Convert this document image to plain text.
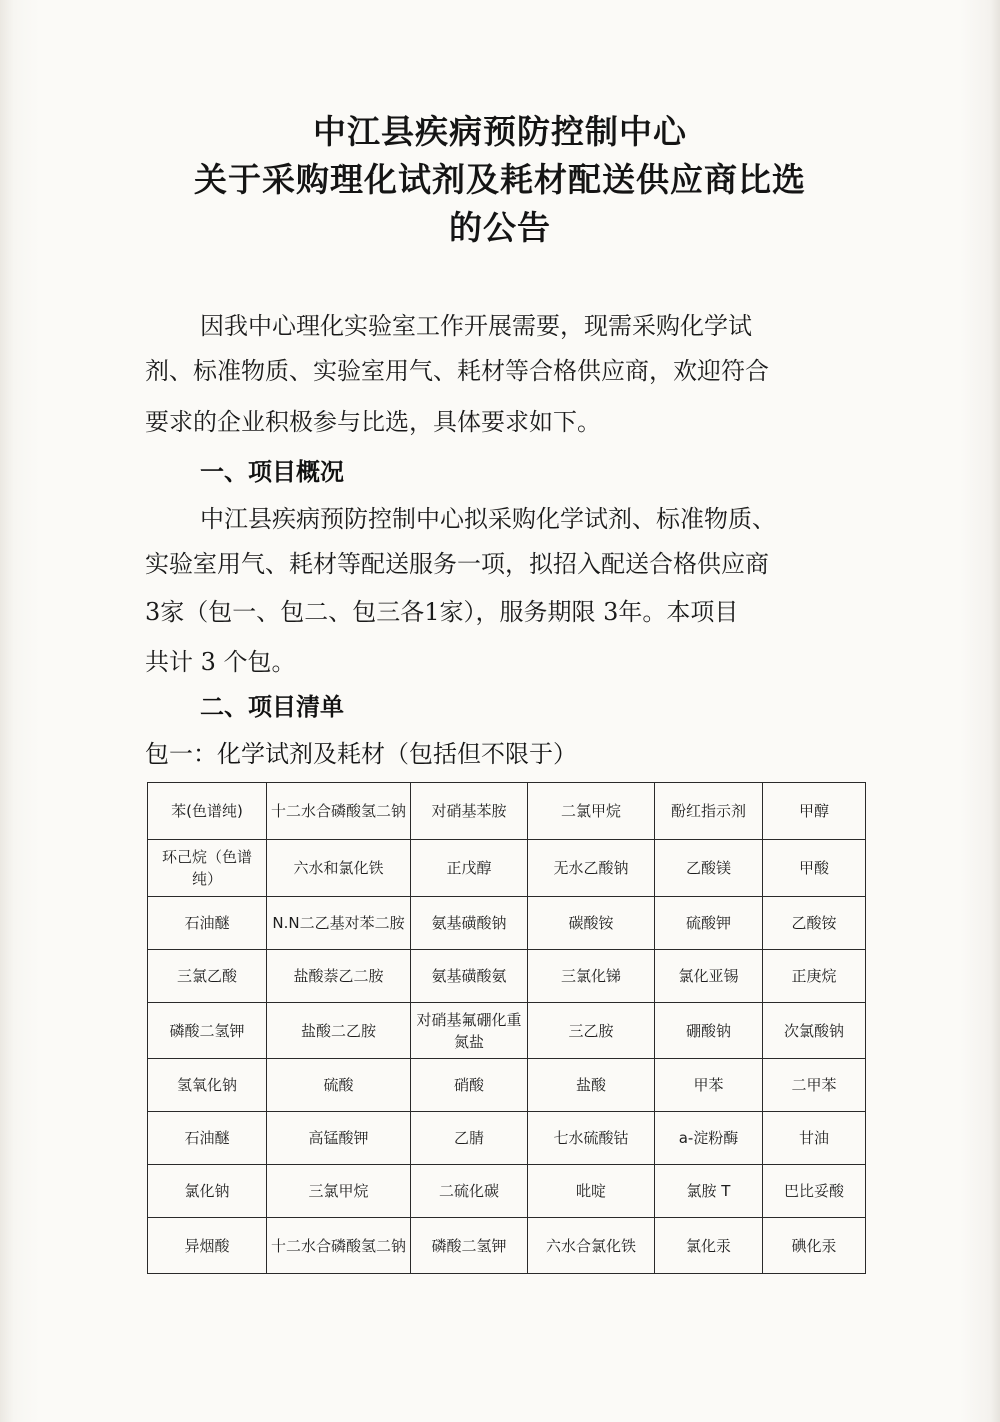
中江县疾病预防控制中心
关于采购理化试剂及耗材配送供应商比选
的公告
因我中心理化实验室工作开展需要，现需采购化学试
剂、标准物质、实验室用气、耗材等合格供应商，欢迎符合
要求的企业积极参与比选，具体要求如下。
一、项目概况
中江县疾病预防控制中心拟采购化学试剂、标准物质、
实验室用气、耗材等配送服务一项，拟招入配送合格供应商
3家（包一、包二、包三各1家），服务期限 3年。本项目
共计 3 个包。
二、项目清单
包一：化学试剂及耗材（包括但不限于）
苯(色谱纯)	十二水合磷酸氢二钠	对硝基苯胺	二氯甲烷	酚红指示剂	甲醇
环己烷（色谱纯）	六水和氯化铁	正戊醇	无水乙酸钠	乙酸镁	甲酸
石油醚	N.N二乙基对苯二胺	氨基磺酸钠	碳酸铵	硫酸钾	乙酸铵
三氯乙酸	盐酸萘乙二胺	氨基磺酸氨	三氯化锑	氯化亚锡	正庚烷
磷酸二氢钾	盐酸二乙胺	对硝基氟硼化重氮盐	三乙胺	硼酸钠	次氯酸钠
氢氧化钠	硫酸	硝酸	盐酸	甲苯	二甲苯
石油醚	高锰酸钾	乙腈	七水硫酸钴	a-淀粉酶	甘油
氯化钠	三氯甲烷	二硫化碳	吡啶	氯胺 T	巴比妥酸
异烟酸	十二水合磷酸氢二钠	磷酸二氢钾	六水合氯化铁	氯化汞	碘化汞
